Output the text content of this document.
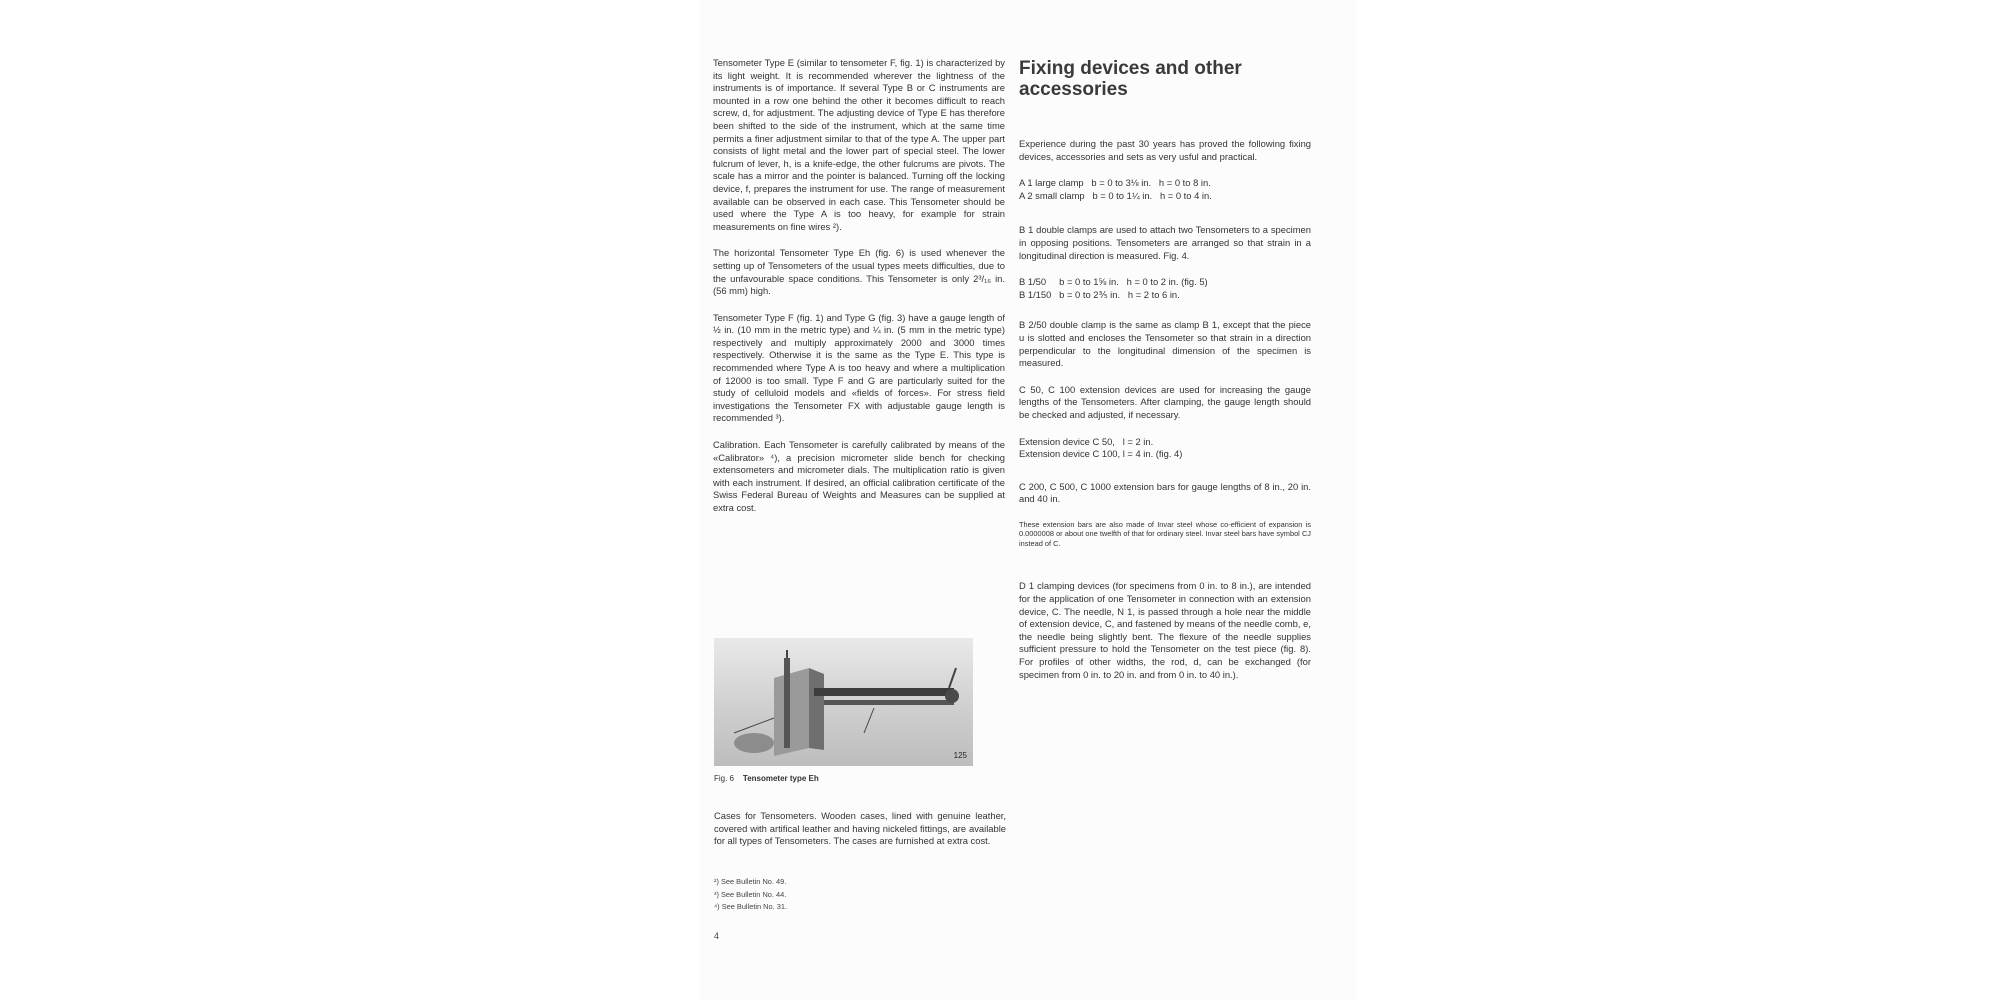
Tensometer Type E (similar to tensometer F, fig. 1) is characterized by its light weight. It is recommended wherever the lightness of the instruments is of importance. If several Type B or C instruments are mounted in a row one behind the other it becomes difficult to reach screw, d, for adjustment. The adjusting device of Type E has therefore been shifted to the side of the instrument, which at the same time permits a finer adjustment similar to that of the type A. The upper part consists of light metal and the lower part of special steel. The lower fulcrum of lever, h, is a knife-edge, the other fulcrums are pivots. The scale has a mirror and the pointer is balanced. Turning off the locking device, f, prepares the instrument for use. The range of measurement available can be observed in each case. This Tensometer should be used where the Type A is too heavy, for example for strain measurements on fine wires ²).

The horizontal Tensometer Type Eh (fig. 6) is used whenever the setting up of Tensometers of the usual types meets difficulties, due to the unfavourable space conditions. This Tensometer is only 2³/₁₆ in. (56 mm) high.

Tensometer Type F (fig. 1) and Type G (fig. 3) have a gauge length of ½ in. (10 mm in the metric type) and ¼ in. (5 mm in the metric type) respectively and multiply approximately 2000 and 3000 times respectively. Otherwise it is the same as the Type E. This type is recommended where Type A is too heavy and where a multiplication of 12000 is too small. Type F and G are particularly suited for the study of celluloid models and «fields of forces». For stress field investigations the Tensometer FX with adjustable gauge length is recommended ³).

Calibration. Each Tensometer is carefully calibrated by means of the «Calibrator» ⁴), a precision micrometer slide bench for checking extensometers and micrometer dials. The multiplication ratio is given with each instrument. If desired, an official calibration certificate of the Swiss Federal Bureau of Weights and Measures can be supplied at extra cost.

125
Fig. 6 Tensometer type Eh

Cases for Tensometers. Wooden cases, lined with genuine leather, covered with artifical leather and having nickeled fittings, are available for all types of Tensometers. The cases are furnished at extra cost.

²) See Bulletin No. 49.
³) See Bulletin No. 44.
⁴) See Bulletin No. 31.
4
Fixing devices and other accessories

Experience during the past 30 years has proved the following fixing devices, accessories and sets as very usful and practical.

A 1 large clamp   b = 0 to 3⅛ in.   h = 0 to 8 in.
A 2 small clamp   b = 0 to 1¼ in.   h = 0 to 4 in.

B 1 double clamps are used to attach two Tensometers to a specimen in opposing positions. Tensometers are arranged so that strain in a longitudinal direction is measured. Fig. 4.

B 1/50     b = 0 to 1⅝ in.   h = 0 to 2 in. (fig. 5)
B 1/150   b = 0 to 2⅗ in.   h = 2 to 6 in.

B 2/50 double clamp is the same as clamp B 1, except that the piece u is slotted and encloses the Tensometer so that strain in a direction perpendicular to the longitudinal dimension of the specimen is measured.

C 50, C 100 extension devices are used for increasing the gauge lengths of the Tensometers. After clamping, the gauge length should be checked and adjusted, if necessary.

Extension device C 50,   l = 2 in.
Extension device C 100, l = 4 in. (fig. 4)

C 200, C 500, C 1000 extension bars for gauge lengths of 8 in., 20 in. and 40 in.

These extension bars are also made of Invar steel whose co-efficient of expansion is 0.0000008 or about one twelfth of that for ordinary steel. Invar steel bars have symbol CJ instead of C.

D 1 clamping devices (for specimens from 0 in. to 8 in.), are intended for the application of one Tensometer in connection with an extension device, C. The needle, N 1, is passed through a hole near the middle of extension device, C, and fastened by means of the needle comb, e, the needle being slightly bent. The flexure of the needle supplies sufficient pressure to hold the Tensometer on the test piece (fig. 8). For profiles of other widths, the rod, d, can be exchanged (for specimen from 0 in. to 20 in. and from 0 in. to 40 in.).
